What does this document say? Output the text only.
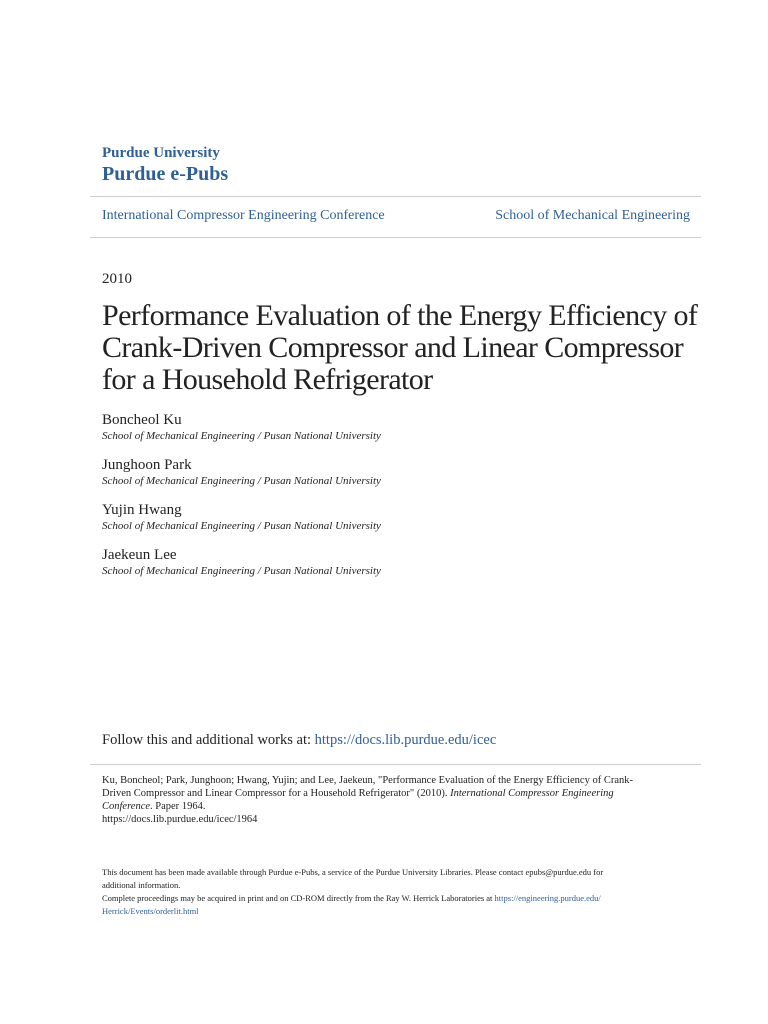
Purdue University
Purdue e-Pubs
International Compressor Engineering Conference	School of Mechanical Engineering
2010
Performance Evaluation of the Energy Efficiency of
Crank-Driven Compressor and Linear Compressor
for a Household Refrigerator
Boncheol Ku
School of Mechanical Engineering / Pusan National University
Junghoon Park
School of Mechanical Engineering / Pusan National University
Yujin Hwang
School of Mechanical Engineering / Pusan National University
Jaekeun Lee
School of Mechanical Engineering / Pusan National University
Follow this and additional works at: https://docs.lib.purdue.edu/icec
Ku, Boncheol; Park, Junghoon; Hwang, Yujin; and Lee, Jaekeun, "Performance Evaluation of the Energy Efficiency of Crank-Driven Compressor and Linear Compressor for a Household Refrigerator" (2010). International Compressor Engineering Conference. Paper 1964.
https://docs.lib.purdue.edu/icec/1964
This document has been made available through Purdue e-Pubs, a service of the Purdue University Libraries. Please contact epubs@purdue.edu for
additional information.
Complete proceedings may be acquired in print and on CD-ROM directly from the Ray W. Herrick Laboratories at https://engineering.purdue.edu/
Herrick/Events/orderlit.html
